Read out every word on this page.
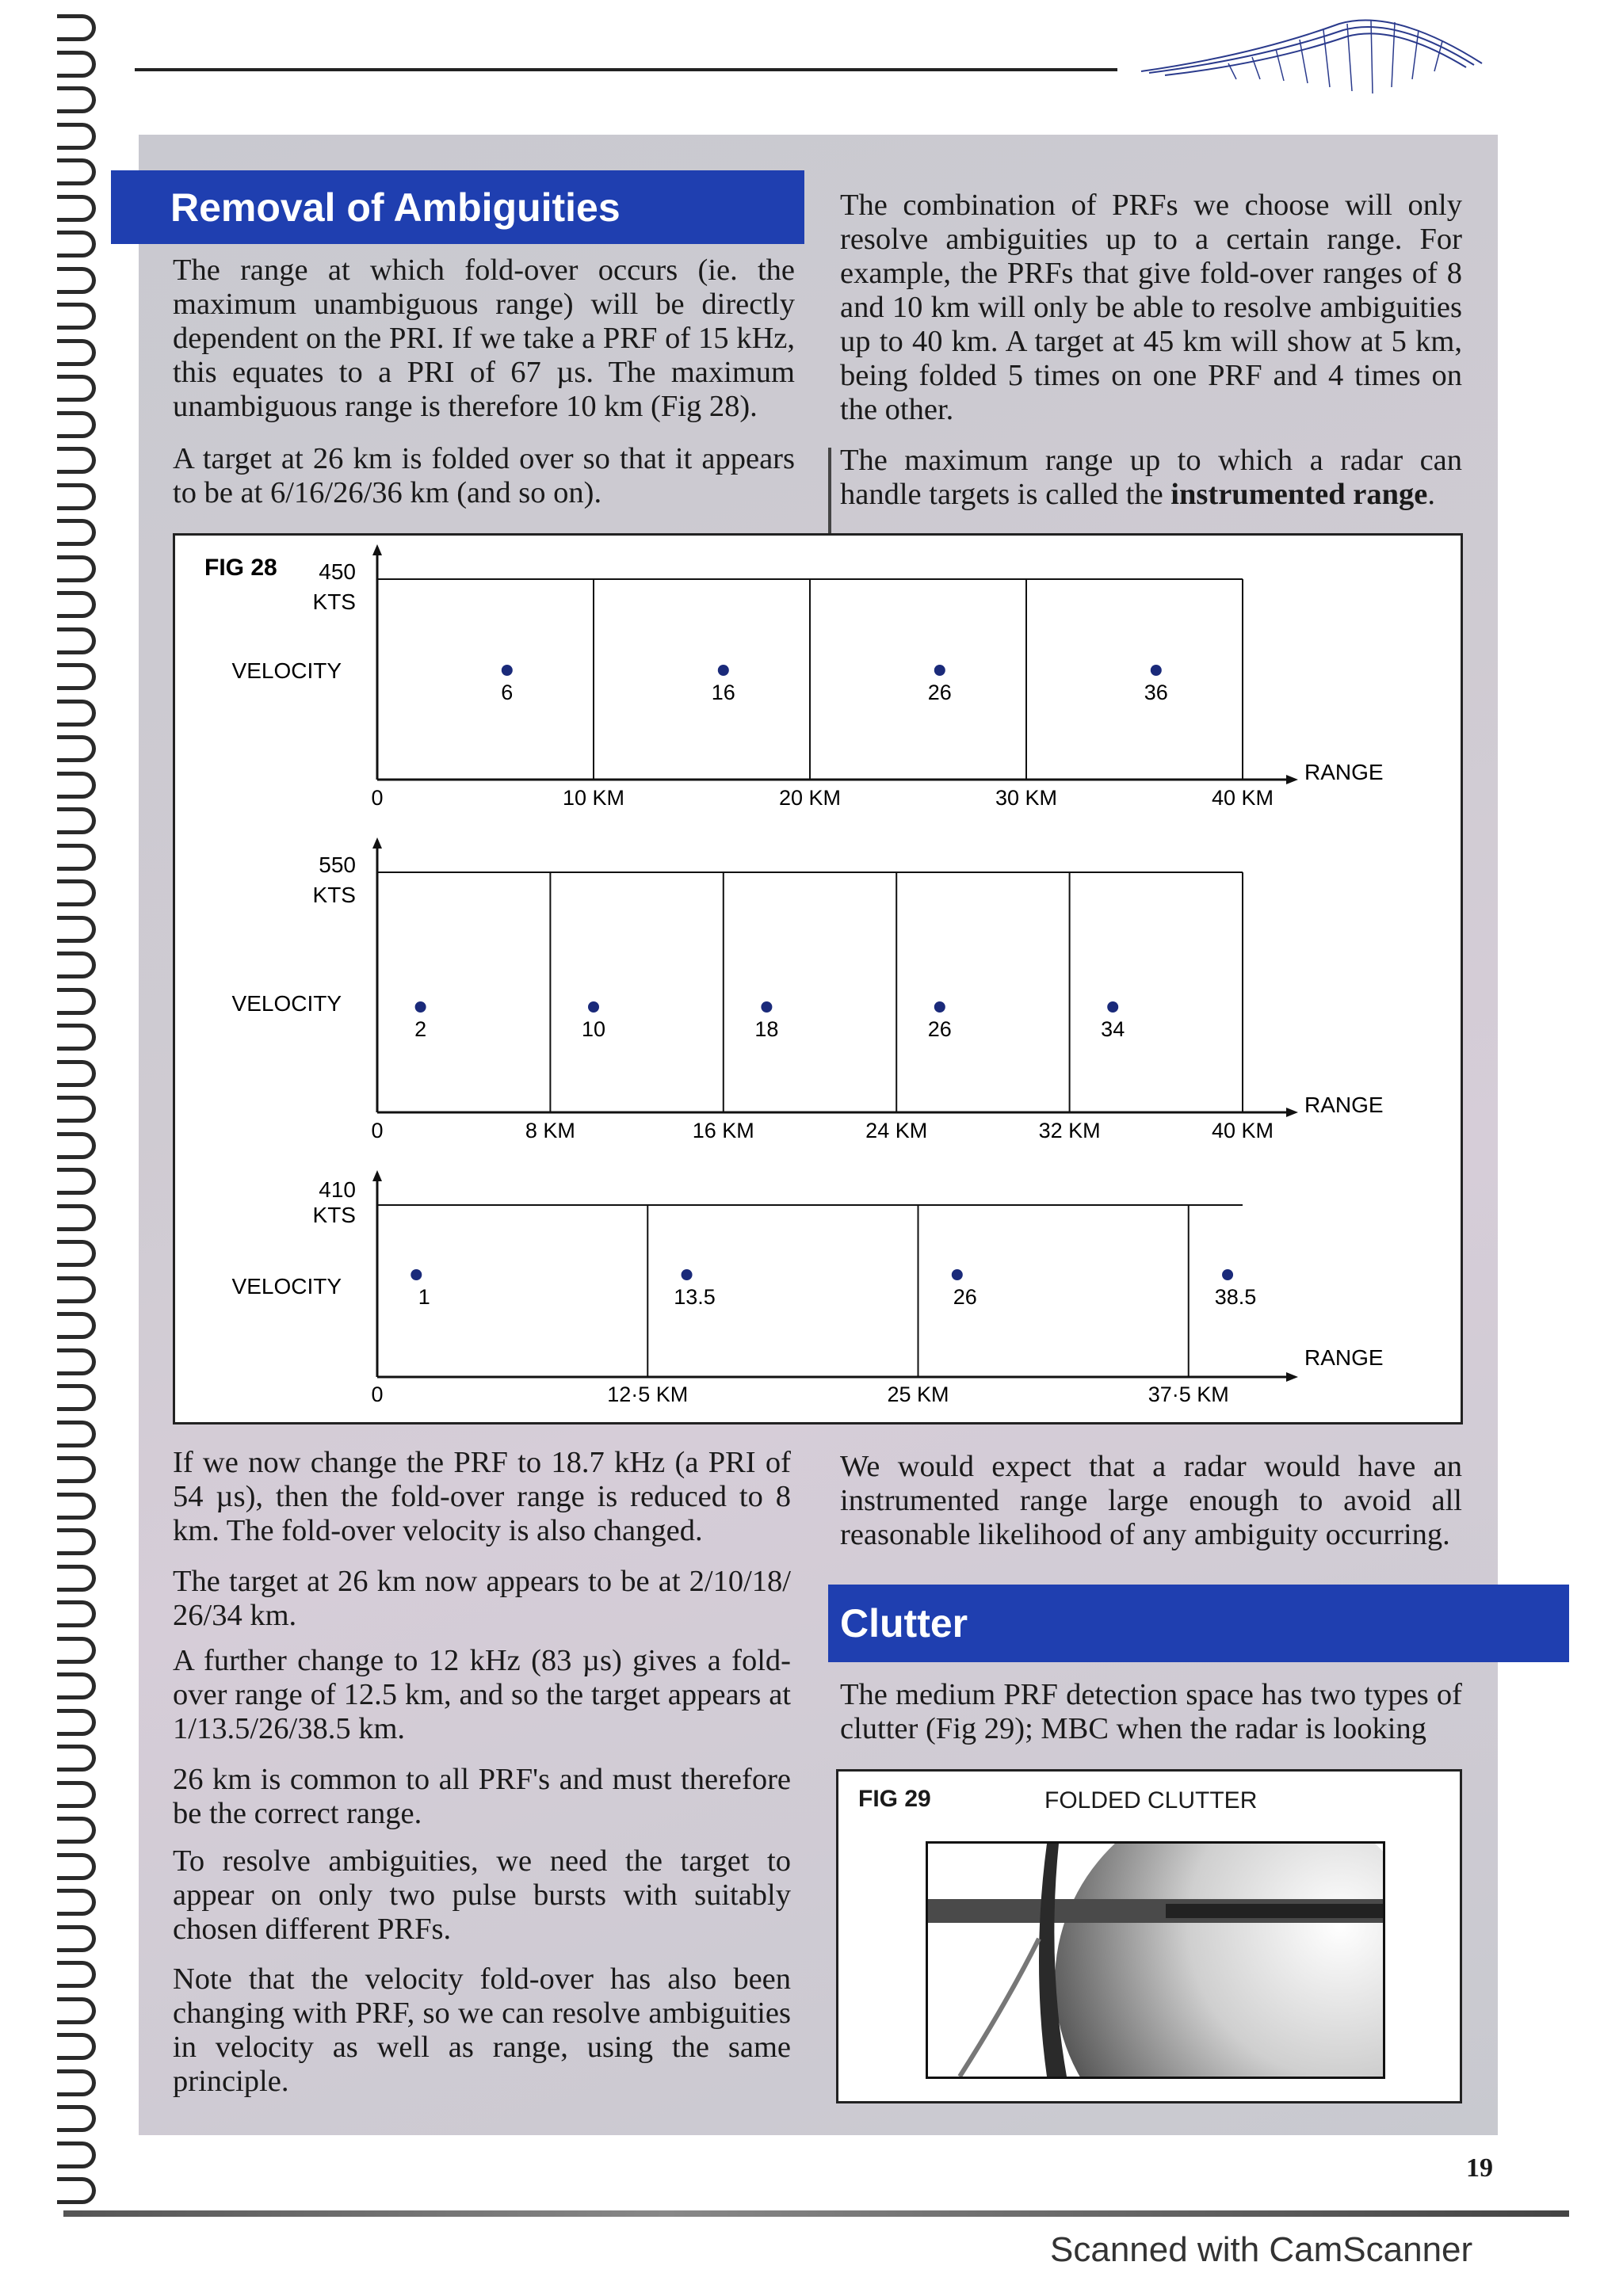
Removal of Ambiguities

The range at which fold-over occurs (ie. the maximum unambiguous range) will be directly dependent on the PRI. If we take a PRF of 15 kHz, this equates to a PRI of 67 µs. The maximum unambiguous range is therefore 10 km (Fig 28).

A target at 26 km is folded over so that it appears to be at 6/16/26/36 km (and so on).

The combination of PRFs we choose will only resolve ambiguities up to a certain range. For example, the PRFs that give fold-over ranges of 8 and 10 km will only be able to resolve ambiguities up to 40 km. A target at 45 km will show at 5 km, being folded 5 times on one PRF and 4 times on the other.

The maximum range up to which a radar can handle targets is called the instrumented range.

FIG 28 450
KTS
VELOCITY
RANGE
0	10 KM	20 KM	30 KM	40 KM
6	16	26	36
550
KTS
VELOCITY
RANGE
0	8 KM	16 KM	24 KM	32 KM	40 KM
2	10	18	26	34
410
KTS
VELOCITY
RANGE
0	12·5 KM	25 KM	37·5 KM
1	13.5	26	38.5

If we now change the PRF to 18.7 kHz (a PRI of 54 µs), then the fold-over range is reduced to 8 km. The fold-over velocity is also changed.

The target at 26 km now appears to be at 2/10/18/ 26/34 km.

A further change to 12 kHz (83 µs) gives a fold-over range of 12.5 km, and so the target appears at 1/13.5/26/38.5 km.

26 km is common to all PRF's and must therefore be the correct range.

To resolve ambiguities, we need the target to appear on only two pulse bursts with suitably chosen different PRFs.

Note that the velocity fold-over has also been changing with PRF, so we can resolve ambiguities in velocity as well as range, using the same principle.

We would expect that a radar would have an instrumented range large enough to avoid all reasonable likelihood of any ambiguity occurring.

Clutter

The medium PRF detection space has two types of clutter (Fig 29); MBC when the radar is looking

FIG 29	FOLDED CLUTTER
19
Scanned with CamScanner
